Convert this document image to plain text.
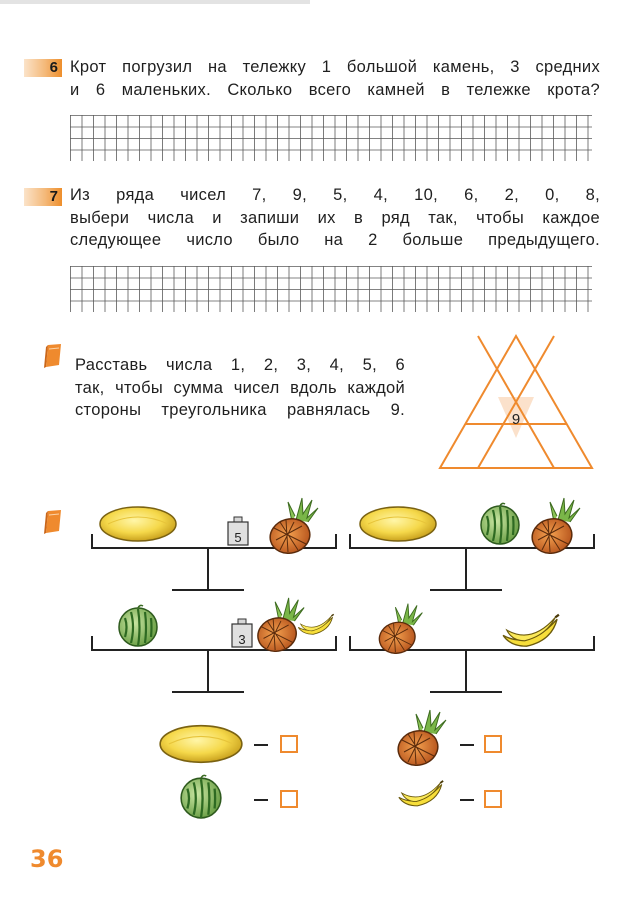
6 Крот погрузил на тележку 1 большой камень, 3 средних
и 6 маленьких. Сколько всего камней в тележке крота?
7 Из ряда чисел 7, 9, 5, 4, 10, 6, 2, 0, 8,
выбери числа и запиши их в ряд так, чтобы каждое
следующее число было на 2 больше предыдущего.
Расставь числа 1, 2, 3, 4, 5, 6
так, чтобы сумма чисел вдоль каждой
стороны треугольника равнялась 9.
9
5
3
36
